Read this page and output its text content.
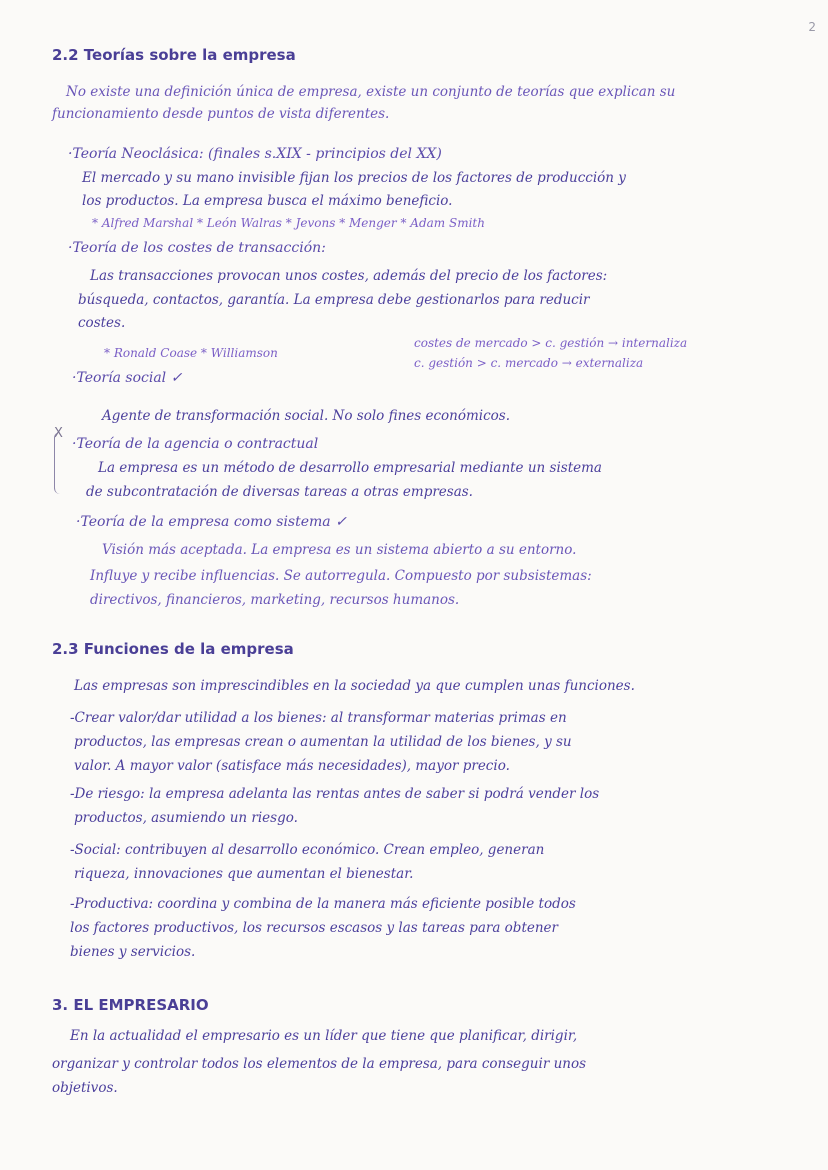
2
2.2 Teorías sobre la empresa
No existe una definición única de empresa, existe un conjunto de teorías que explican su
funcionamiento desde puntos de vista diferentes.
·Teoría Neoclásica: (finales s.XIX - principios del XX)
El mercado y su mano invisible fijan los precios de los factores de producción y
los productos. La empresa busca el máximo beneficio.
* Alfred Marshal * León Walras * Jevons * Menger * Adam Smith
·Teoría de los costes de transacción:
Las transacciones provocan unos costes, además del precio de los factores:
búsqueda, contactos, garantía. La empresa debe gestionarlos para reducir
costes.
costes de mercado > c. gestión → internaliza
* Ronald Coase * Williamson
c. gestión > c. mercado → externaliza
·Teoría social ✓
Agente de transformación social. No solo fines económicos.
X
·Teoría de la agencia o contractual
La empresa es un método de desarrollo empresarial mediante un sistema
de subcontratación de diversas tareas a otras empresas.
·Teoría de la empresa como sistema ✓
Visión más aceptada. La empresa es un sistema abierto a su entorno.
Influye y recibe influencias. Se autorregula. Compuesto por subsistemas:
directivos, financieros, marketing, recursos humanos.
2.3 Funciones de la empresa
Las empresas son imprescindibles en la sociedad ya que cumplen unas funciones.
-Crear valor/dar utilidad a los bienes: al transformar materias primas en
productos, las empresas crean o aumentan la utilidad de los bienes, y su
valor. A mayor valor (satisface más necesidades), mayor precio.
-De riesgo: la empresa adelanta las rentas antes de saber si podrá vender los
productos, asumiendo un riesgo.
-Social: contribuyen al desarrollo económico. Crean empleo, generan
riqueza, innovaciones que aumentan el bienestar.
-Productiva: coordina y combina de la manera más eficiente posible todos
los factores productivos, los recursos escasos y las tareas para obtener
bienes y servicios.
3. EL EMPRESARIO
En la actualidad el empresario es un líder que tiene que planificar, dirigir,
organizar y controlar todos los elementos de la empresa, para conseguir unos
objetivos.
